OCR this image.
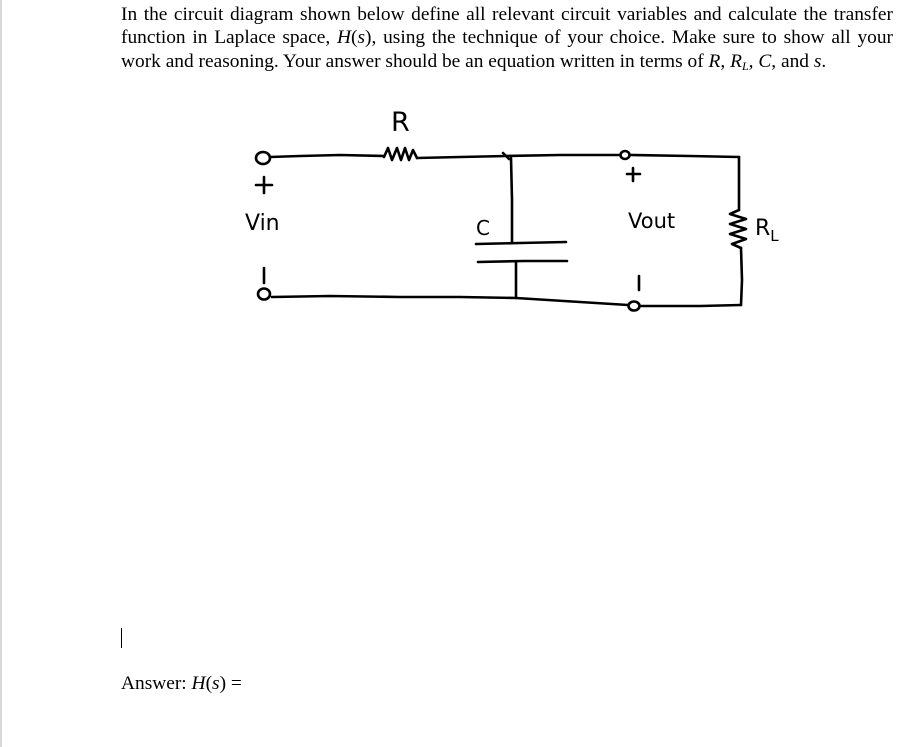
In the circuit diagram shown below define all relevant circuit variables and calculate the transfer function in Laplace space, H(s), using the technique of your choice. Make sure to show all your work and reasoning. Your answer should be an equation written in terms of R, $R_L$, C, and s.

R
C
Vin	Vout	$R_L$
Answer: H(s) =
